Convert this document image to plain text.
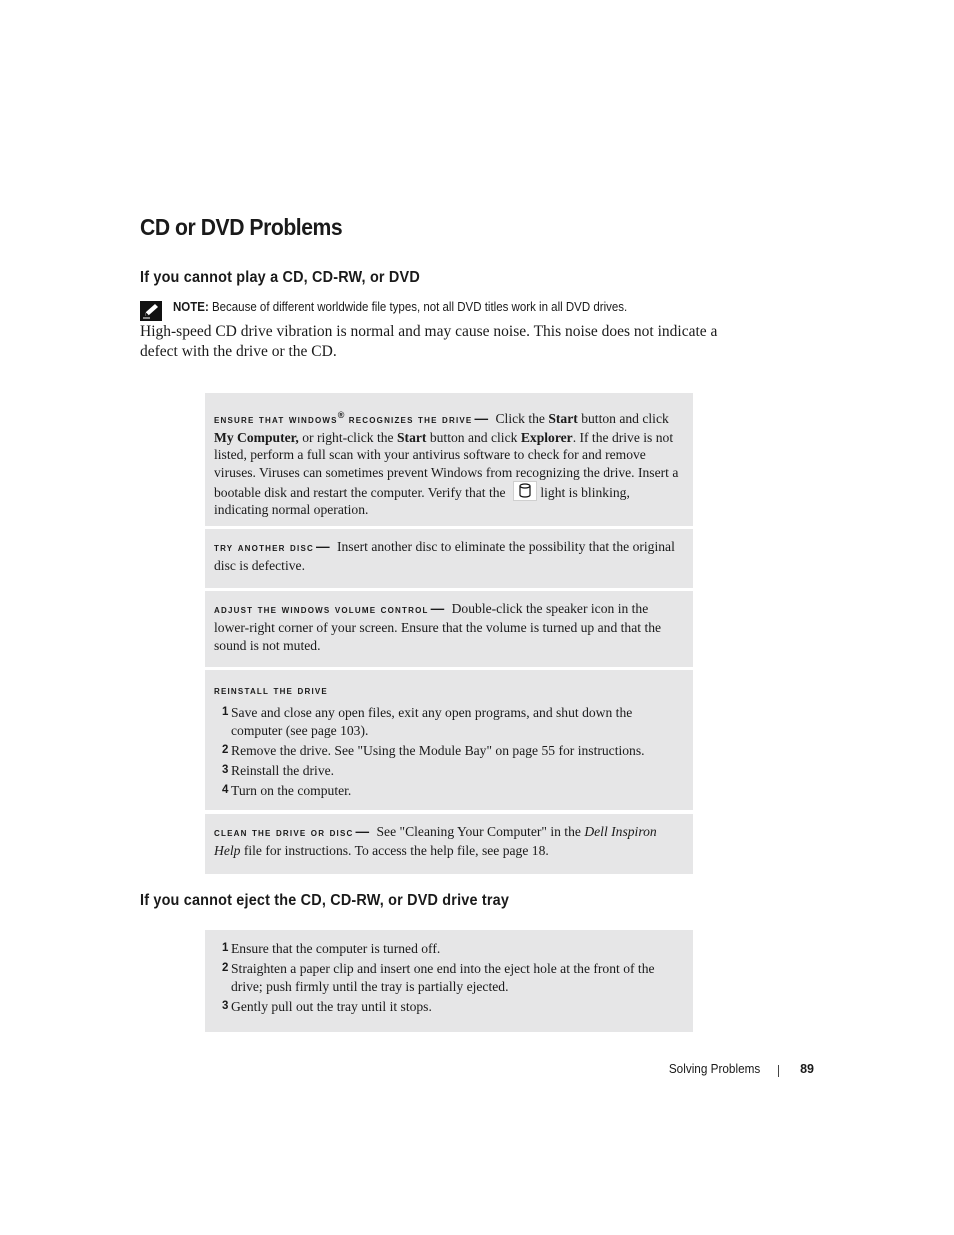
CD or DVD Problems
If you cannot play a CD, CD-RW, or DVD
NOTE: Because of different worldwide file types, not all DVD titles work in all DVD drives.

High-speed CD drive vibration is normal and may cause noise. This noise does not indicate a defect with the drive or the CD.

ensure that windows® recognizes the drive — Click the Start button and click My Computer, or right-click the Start button and click Explorer. If the drive is not listed, perform a full scan with your antivirus software to check for and remove viruses. Viruses can sometimes prevent Windows from recognizing the drive. Insert a bootable disk and restart the computer. Verify that the
light is blinking, indicating normal operation.

try another disc — Insert another disc to eliminate the possibility that the original disc is defective.

adjust the windows volume control — Double-click the speaker icon in the lower-right corner of your screen. Ensure that the volume is turned up and that the sound is not muted.

reinstall the drive

1 Save and close any open files, exit any open programs, and shut down the computer (see page 103).
2 Remove the drive. See "Using the Module Bay" on page 55 for instructions.
3 Reinstall the drive.
4 Turn on the computer.

clean the drive or disc — See "Cleaning Your Computer" in the Dell Inspiron Help file for instructions. To access the help file, see page 18.

If you cannot eject the CD, CD-RW, or DVD drive tray
1 Ensure that the computer is turned off.
2 Straighten a paper clip and insert one end into the eject hole at the front of the drive; push firmly until the tray is partially ejected.
3 Gently pull out the tray until it stops.
Solving Problems	89
